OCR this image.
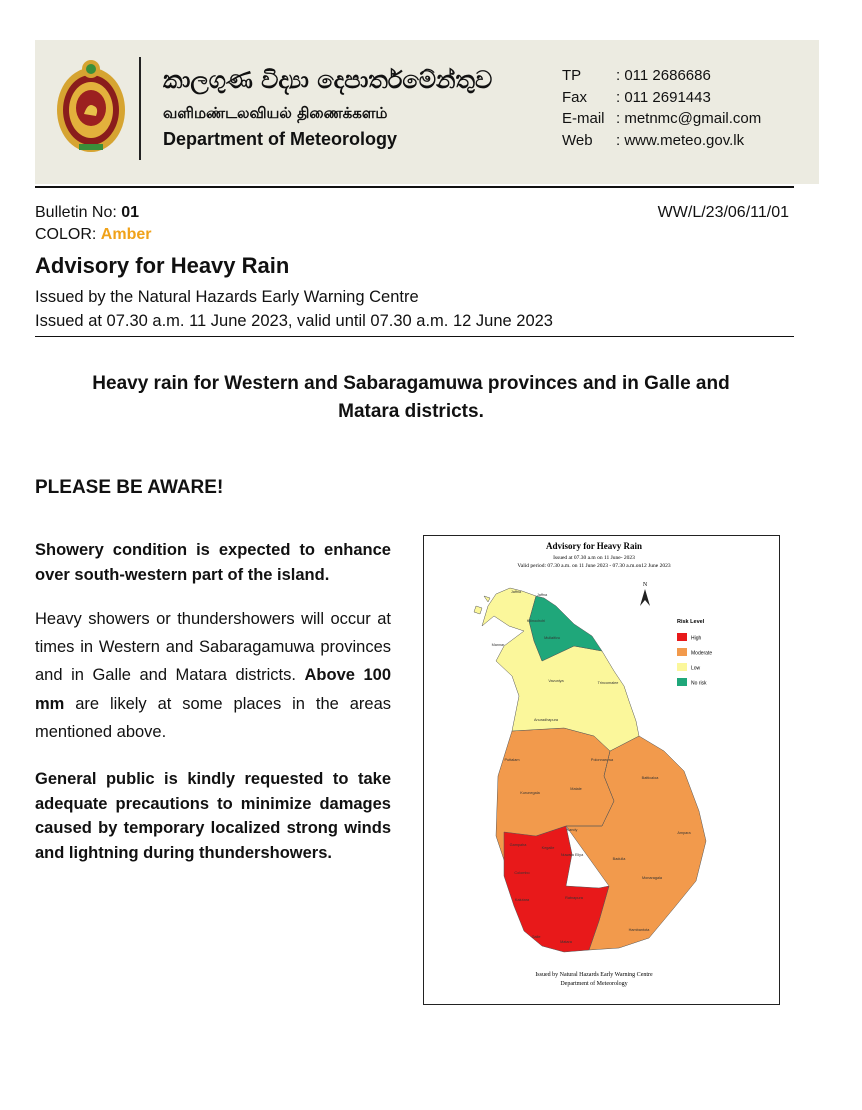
කාලගුණ විද්‍යා දෙපාර්තමේන්තුව
வளிமண்டலவியல் திணைக்களம்
Department of Meteorology
TP	: 011 2686686
Fax	: 011 2691443
E-mail : metnmc@gmail.com
Web	: www.meteo.gov.lk
Bulletin No: 01
COLOR: Amber
WW/L/23/06/11/01
Advisory for Heavy Rain
Issued by the Natural Hazards Early Warning Centre
Issued at 07.30 a.m. 11 June 2023, valid until 07.30 a.m. 12 June 2023
Heavy rain for Western and Sabaragamuwa provinces and in Galle and
Matara districts.
PLEASE BE AWARE!
Showery condition is expected to enhance over south-western part of the island.
Heavy showers or thundershowers will occur at times in Western and Sabaragamuwa provinces and in Galle and Matara districts. Above 100 mm are likely at some places in the areas mentioned above.
General public is kindly requested to take adequate precautions to minimize damages caused by temporary localized strong winds and lightning during thundershowers.
Advisory for Heavy Rain
Issued at 07.30 a.m on 11 June- 2023
Valid period: 07.30 a.m. on 11 June 2023 - 07.30 a.m.on12 June 2023
N
Jaffna
Jaffna
Kilinochchi
Mullaitivu
Mannar
Vavuniya	Trincomalee
Anuradhapura
Polonnaruwa
Puttalam
Batticaloa
Kurunegala
Matale
Kandy
Ampara
Gampaha
Kegalle
Nuwara Eliya
Badulla
Colombo
Monaragala
Kalutara	Ratnapura
Hambantota
Galle
Matara
Risk Level
High
Moderate
Low
No risk
Issued by Natural Hazards Early Warning Centre
Department of Meteorology
